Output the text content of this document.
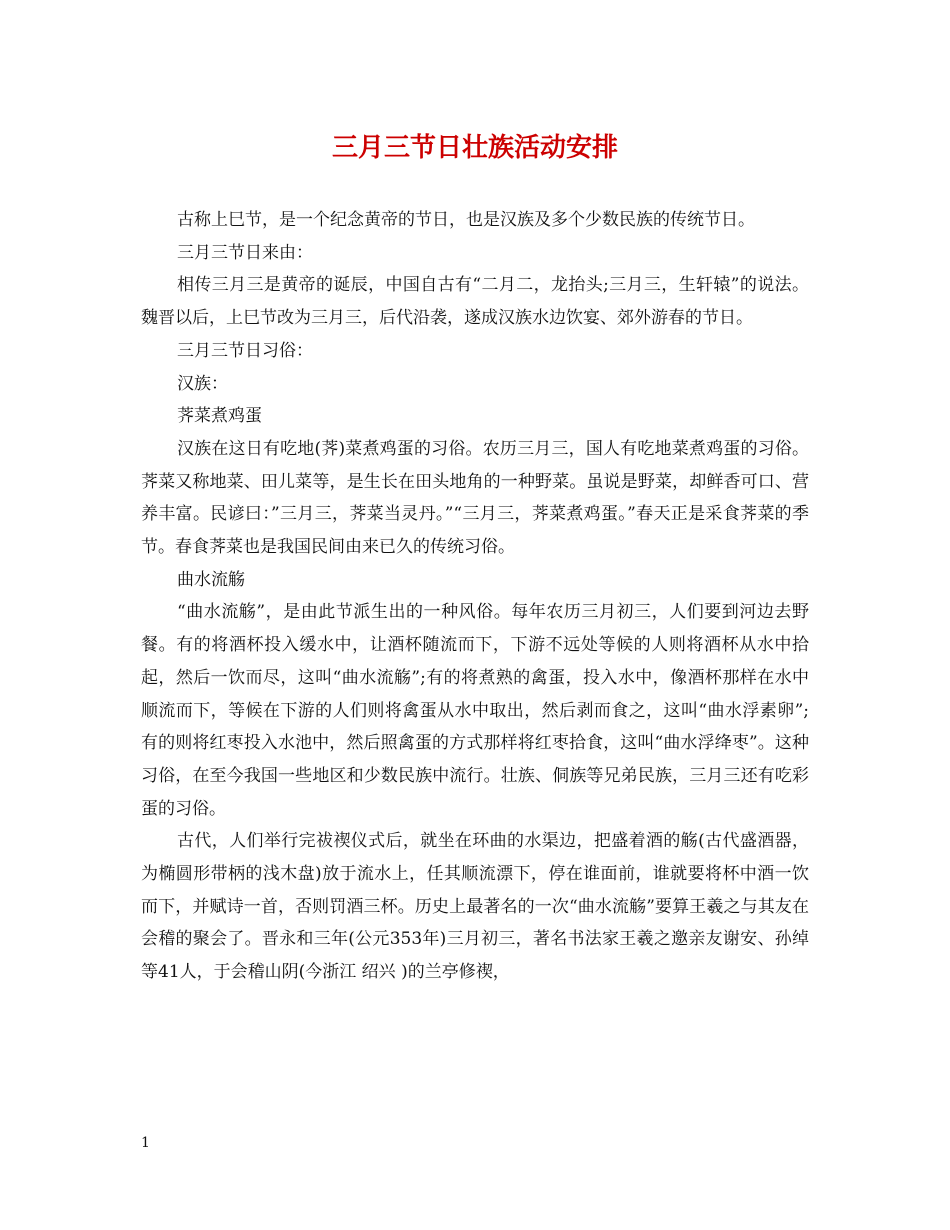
三月三节日壮族活动安排

古称上巳节，是一个纪念黄帝的节日，也是汉族及多个少数民族的传统节日。

三月三节日来由：

相传三月三是黄帝的诞辰，中国自古有“二月二，龙抬头;三月三，生轩辕”的说法。魏晋以后，上巳节改为三月三，后代沿袭，遂成汉族水边饮宴、郊外游春的节日。

三月三节日习俗：

汉族：

荠菜煮鸡蛋

汉族在这日有吃地(荠)菜煮鸡蛋的习俗。农历三月三，国人有吃地菜煮鸡蛋的习俗。荠菜又称地菜、田儿菜等，是生长在田头地角的一种野菜。虽说是野菜，却鲜香可口、营养丰富。民谚曰：”三月三，荠菜当灵丹。”“三月三，荠菜煮鸡蛋。”春天正是采食荠菜的季节。春食荠菜也是我国民间由来已久的传统习俗。

曲水流觞

“曲水流觞”，是由此节派生出的一种风俗。每年农历三月初三，人们要到河边去野餐。有的将酒杯投入缓水中，让酒杯随流而下，下游不远处等候的人则将酒杯从水中拾起，然后一饮而尽，这叫“曲水流觞”;有的将煮熟的禽蛋，投入水中，像酒杯那样在水中顺流而下，等候在下游的人们则将禽蛋从水中取出，然后剥而食之，这叫“曲水浮素卵”;有的则将红枣投入水池中，然后照禽蛋的方式那样将红枣拾食，这叫“曲水浮绛枣”。这种习俗，在至今我国一些地区和少数民族中流行。壮族、侗族等兄弟民族，三月三还有吃彩蛋的习俗。

古代，人们举行完祓禊仪式后，就坐在环曲的水渠边，把盛着酒的觞(古代盛酒器，为椭圆形带柄的浅木盘)放于流水上，任其顺流漂下，停在谁面前，谁就要将杯中酒一饮而下，并赋诗一首，否则罚酒三杯。历史上最著名的一次“曲水流觞”要算王羲之与其友在会稽的聚会了。晋永和三年(公元353年)三月初三，著名书法家王羲之邀亲友谢安、孙绰等41人，于会稽山阴(今浙江 绍兴 )的兰亭修禊，

1
